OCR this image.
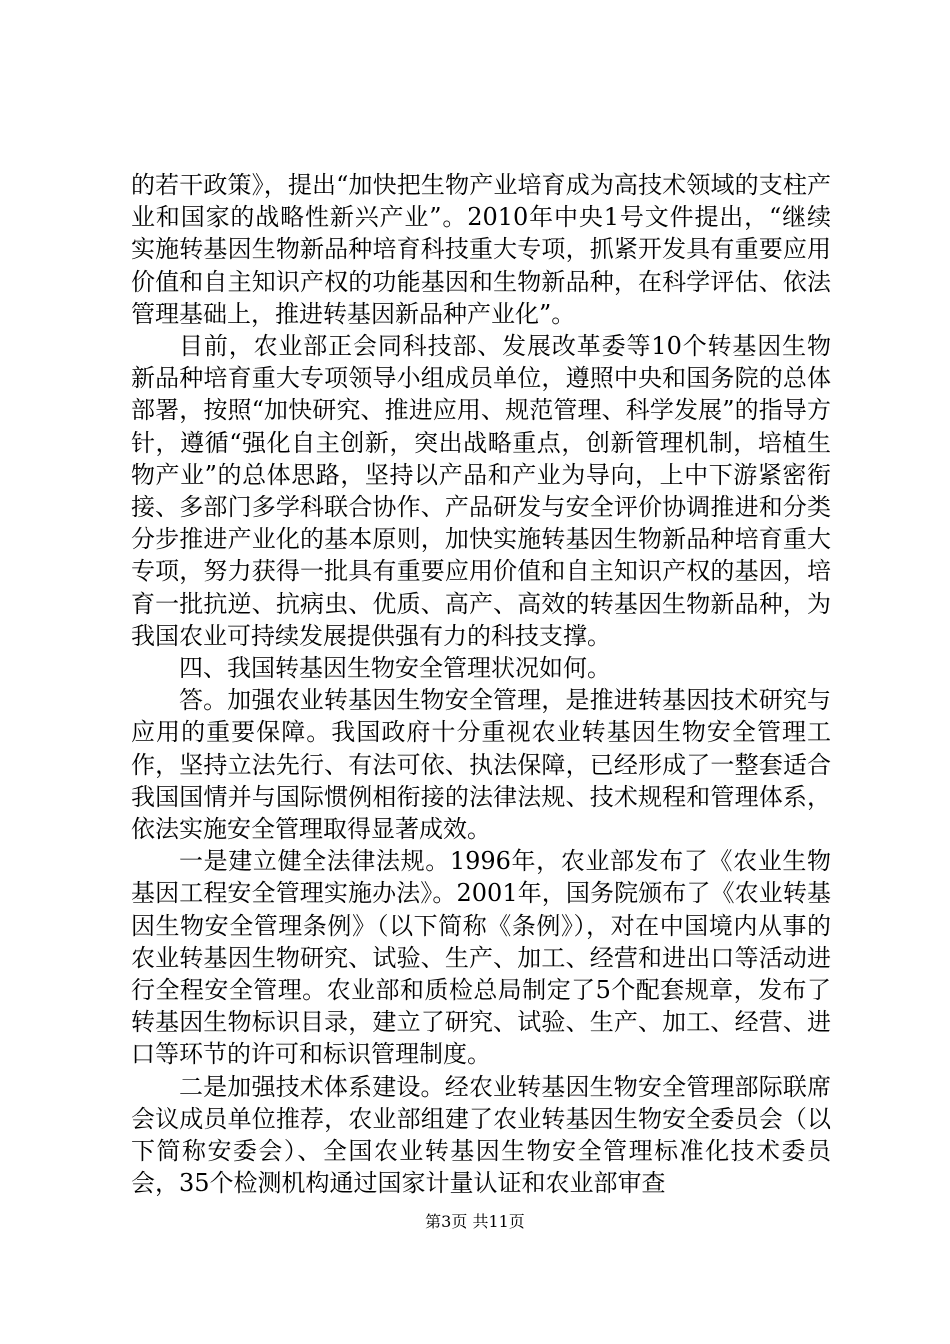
的若干政策》，提出“加快把生物产业培育成为高技术领域的支柱产业和国家的战略性新兴产业”。2010年中央1号文件提出，“继续实施转基因生物新品种培育科技重大专项，抓紧开发具有重要应用价值和自主知识产权的功能基因和生物新品种，在科学评估、依法管理基础上，推进转基因新品种产业化”。

目前，农业部正会同科技部、发展改革委等10个转基因生物新品种培育重大专项领导小组成员单位，遵照中央和国务院的总体部署，按照“加快研究、推进应用、规范管理、科学发展”的指导方针，遵循“强化自主创新，突出战略重点，创新管理机制，培植生物产业”的总体思路，坚持以产品和产业为导向，上中下游紧密衔接、多部门多学科联合协作、产品研发与安全评价协调推进和分类分步推进产业化的基本原则，加快实施转基因生物新品种培育重大专项，努力获得一批具有重要应用价值和自主知识产权的基因，培育一批抗逆、抗病虫、优质、高产、高效的转基因生物新品种，为我国农业可持续发展提供强有力的科技支撑。

四、我国转基因生物安全管理状况如何。

答。加强农业转基因生物安全管理，是推进转基因技术研究与应用的重要保障。我国政府十分重视农业转基因生物安全管理工作，坚持立法先行、有法可依、执法保障，已经形成了一整套适合我国国情并与国际惯例相衔接的法律法规、技术规程和管理体系，依法实施安全管理取得显著成效。

一是建立健全法律法规。1996年，农业部发布了《农业生物基因工程安全管理实施办法》。2001年，国务院颁布了《农业转基因生物安全管理条例》（以下简称《条例》），对在中国境内从事的农业转基因生物研究、试验、生产、加工、经营和进出口等活动进行全程安全管理。农业部和质检总局制定了5个配套规章，发布了转基因生物标识目录，建立了研究、试验、生产、加工、经营、进口等环节的许可和标识管理制度。

二是加强技术体系建设。经农业转基因生物安全管理部际联席会议成员单位推荐，农业部组建了农业转基因生物安全委员会（以下简称安委会）、全国农业转基因生物安全管理标准化技术委员会，35个检测机构通过国家计量认证和农业部审查

第3页 共11页
